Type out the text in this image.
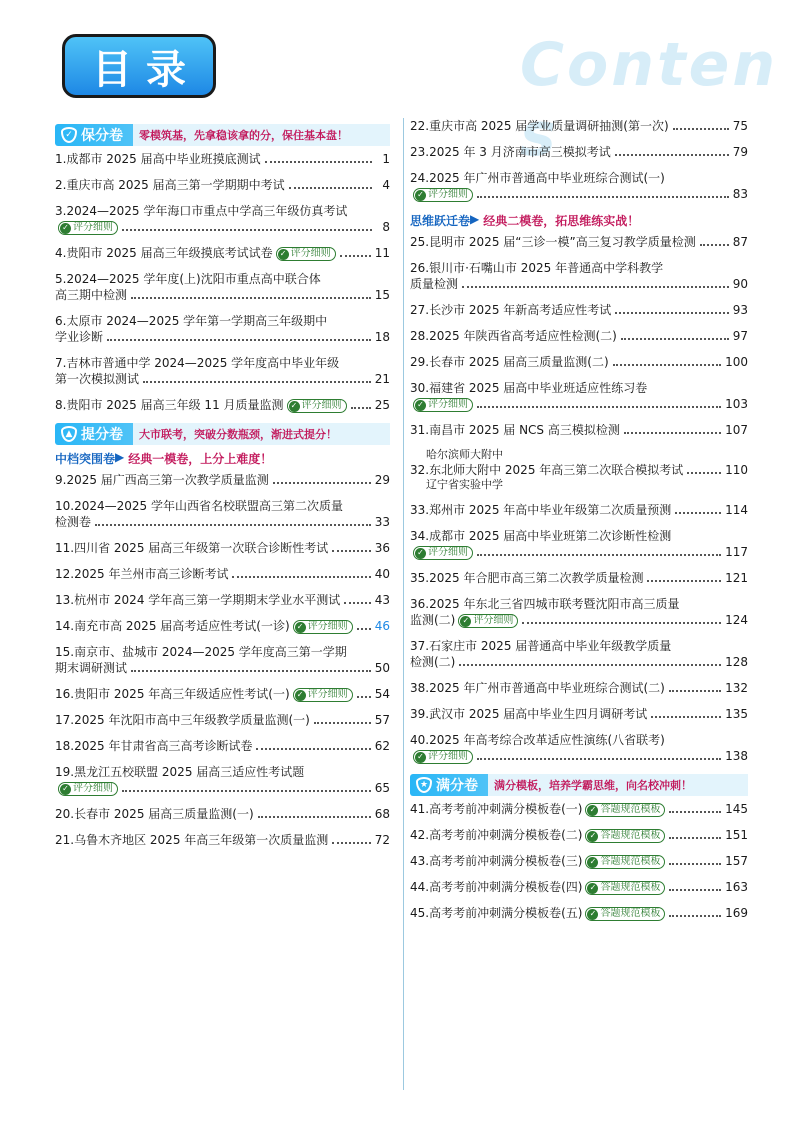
目录	Conten s
✓ 保分卷	零模筑基，先拿稳该拿的分，保住基本盘！
1.成都市 2025 届高中毕业班摸底测试	1
2.重庆市高 2025 届高三第一学期期中考试	4
3.2024—2025 学年海口市重点中学高三年级仿真考试
✓ 评分细则	8
4.贵阳市 2025 届高三年级摸底考试试卷 ✓ 评分细则	11
5.2024—2025 学年度(上)沈阳市重点高中联合体
高三期中检测	15
6.太原市 2024—2025 学年第一学期高三年级期中
学业诊断	18
7.吉林市普通中学 2024—2025 学年度高中毕业年级
第一次模拟测试	21
8.贵阳市 2025 届高三年级 11 月质量监测 ✓ 评分细则	25
▲ 提分卷	大市联考，突破分数瓶颈，渐进式提分！
中档突围卷 ▶ 经典一模卷，上分上难度！
9.2025 届广西高三第一次教学质量监测	29
10.2024—2025 学年山西省名校联盟高三第二次质量
检测卷	33
11.四川省 2025 届高三年级第一次联合诊断性考试	36
12.2025 年兰州市高三诊断考试	40
13.杭州市 2024 学年高三第一学期期末学业水平测试	43
14.南充市高 2025 届高考适应性考试(一诊) ✓ 评分细则 46
15.南京市、盐城市 2024—2025 学年度高三第一学期
期末调研测试	50
16.贵阳市 2025 年高三年级适应性考试(一) ✓ 评分细则 54
17.2025 年沈阳市高中三年级教学质量监测(一)	57
18.2025 年甘肃省高三高考诊断试卷	62
19.黑龙江五校联盟 2025 届高三适应性考试题
✓ 评分细则	65
20.长春市 2025 届高三质量监测(一)	68
21.乌鲁木齐地区 2025 年高三年级第一次质量监测	72
22.重庆市高 2025 届学业质量调研抽测(第一次)	75
23.2025 年 3 月济南市高三模拟考试	79
24.2025 年广州市普通高中毕业班综合测试(一)
✓ 评分细则	83
思维跃迁卷 ▶ 经典二模卷，拓思维练实战！
25.昆明市 2025 届“三诊一模”高三复习教学质量检测	87
26.银川市·石嘴山市 2025 年普通高中学科教学
质量检测	90
27.长沙市 2025 年新高考适应性考试	93
28.2025 年陕西省高考适应性检测(二)	97
29.长春市 2025 届高三质量监测(二)	100
30.福建省 2025 届高中毕业班适应性练习卷
✓ 评分细则	103
31.南昌市 2025 届 NCS 高三模拟检测	107
哈尔滨师大附中
32.东北师大附中 2025 年高三第二次联合模拟考试	110
辽宁省实验中学
33.郑州市 2025 年高中毕业年级第二次质量预测	114
34.成都市 2025 届高中毕业班第二次诊断性检测
✓ 评分细则	117
35.2025 年合肥市高三第二次教学质量检测	121
36.2025 年东北三省四城市联考暨沈阳市高三质量
监测(二) ✓ 评分细则	124
37.石家庄市 2025 届普通高中毕业年级教学质量
检测(二)	128
38.2025 年广州市普通高中毕业班综合测试(二)	132
39.武汉市 2025 届高中毕业生四月调研考试	135
40.2025 年高考综合改革适应性演练(八省联考)
✓ 评分细则	138
★ 满分卷	满分模板，培养学霸思维，向名校冲刺！
41.高考考前冲刺满分模板卷(一) ✓ 答题规范模板	145
42.高考考前冲刺满分模板卷(二) ✓ 答题规范模板	151
43.高考考前冲刺满分模板卷(三) ✓ 答题规范模板	157
44.高考考前冲刺满分模板卷(四) ✓ 答题规范模板	163
45.高考考前冲刺满分模板卷(五) ✓ 答题规范模板	169
